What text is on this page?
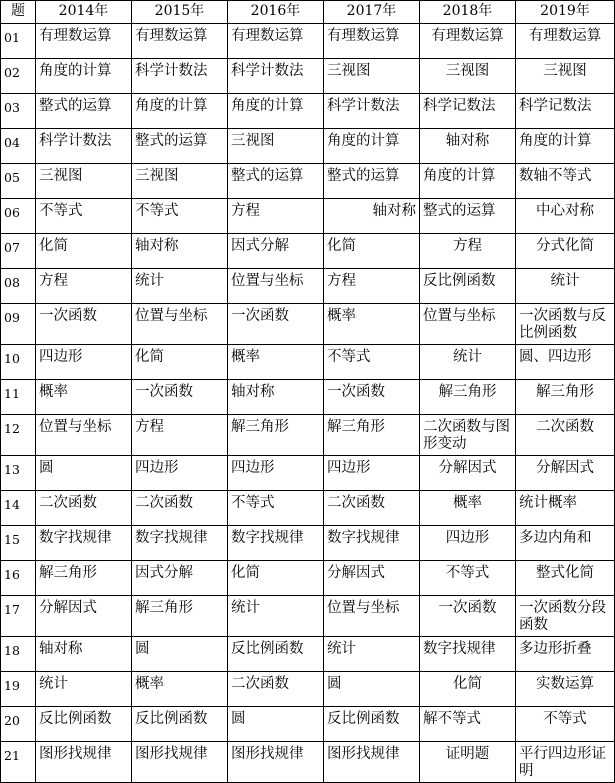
题	2014年	2015年	2016年	2017年	2018年	2019年
01	有理数运算	有理数运算	有理数运算	有理数运算	有理数运算	有理数运算
02	角度的计算	科学计数法	科学计数法	三视图	三视图	三视图
03	整式的运算	角度的计算	角度的计算	科学计数法	科学记数法	科学记数法
04	科学计数法	整式的运算	三视图	角度的计算	轴对称	角度的计算
05	三视图	三视图	整式的运算	整式的运算	角度的计算	数轴不等式
06	不等式	不等式	方程	轴对称	整式的运算	中心对称
07	化简	轴对称	因式分解	化简	方程	分式化简
08	方程	统计	位置与坐标	方程	反比例函数	统计
09	一次函数	位置与坐标	一次函数	概率	位置与坐标	一次函数与反比例函数
10	四边形	化简	概率	不等式	统计	圆、四边形
11	概率	一次函数	轴对称	一次函数	解三角形	解三角形
12	位置与坐标	方程	解三角形	解三角形	二次函数与图形变动	二次函数
13	圆	四边形	四边形	四边形	分解因式	分解因式
14	二次函数	二次函数	不等式	二次函数	概率	统计概率
15	数字找规律	数字找规律	数字找规律	数字找规律	四边形	多边内角和
16	解三角形	因式分解	化简	分解因式	不等式	整式化简
17	分解因式	解三角形	统计	位置与坐标	一次函数	一次函数分段函数
18	轴对称	圆	反比例函数	统计	数字找规律	多边形折叠
19	统计	概率	二次函数	圆	化简	实数运算
20	反比例函数	反比例函数	圆	反比例函数	解不等式	不等式
21	图形找规律	图形找规律	图形找规律	图形找规律	证明题	平行四边形证明
